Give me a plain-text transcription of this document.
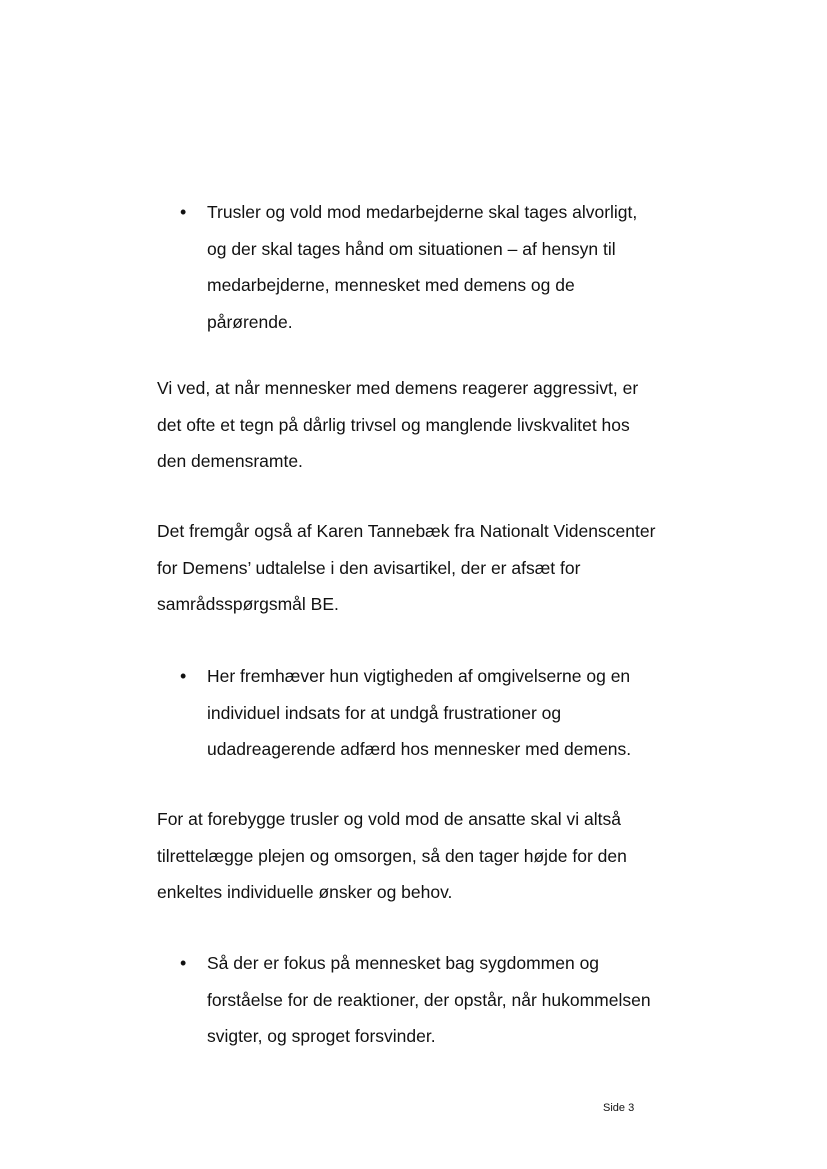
•	Trusler og vold mod medarbejderne skal tages alvorligt,
og der skal tages hånd om situationen – af hensyn til
medarbejderne, mennesket med demens og de
pårørende.
Vi ved, at når mennesker med demens reagerer aggressivt, er
det ofte et tegn på dårlig trivsel og manglende livskvalitet hos
den demensramte.
Det fremgår også af Karen Tannebæk fra Nationalt Videnscenter
for Demens’ udtalelse i den avisartikel, der er afsæt for
samrådsspørgsmål BE.
•	Her fremhæver hun vigtigheden af omgivelserne og en
individuel indsats for at undgå frustrationer og
udadreagerende adfærd hos mennesker med demens.
For at forebygge trusler og vold mod de ansatte skal vi altså
tilrettelægge plejen og omsorgen, så den tager højde for den
enkeltes individuelle ønsker og behov.
•	Så der er fokus på mennesket bag sygdommen og
forståelse for de reaktioner, der opstår, når hukommelsen
svigter, og sproget forsvinder.
Side 3
